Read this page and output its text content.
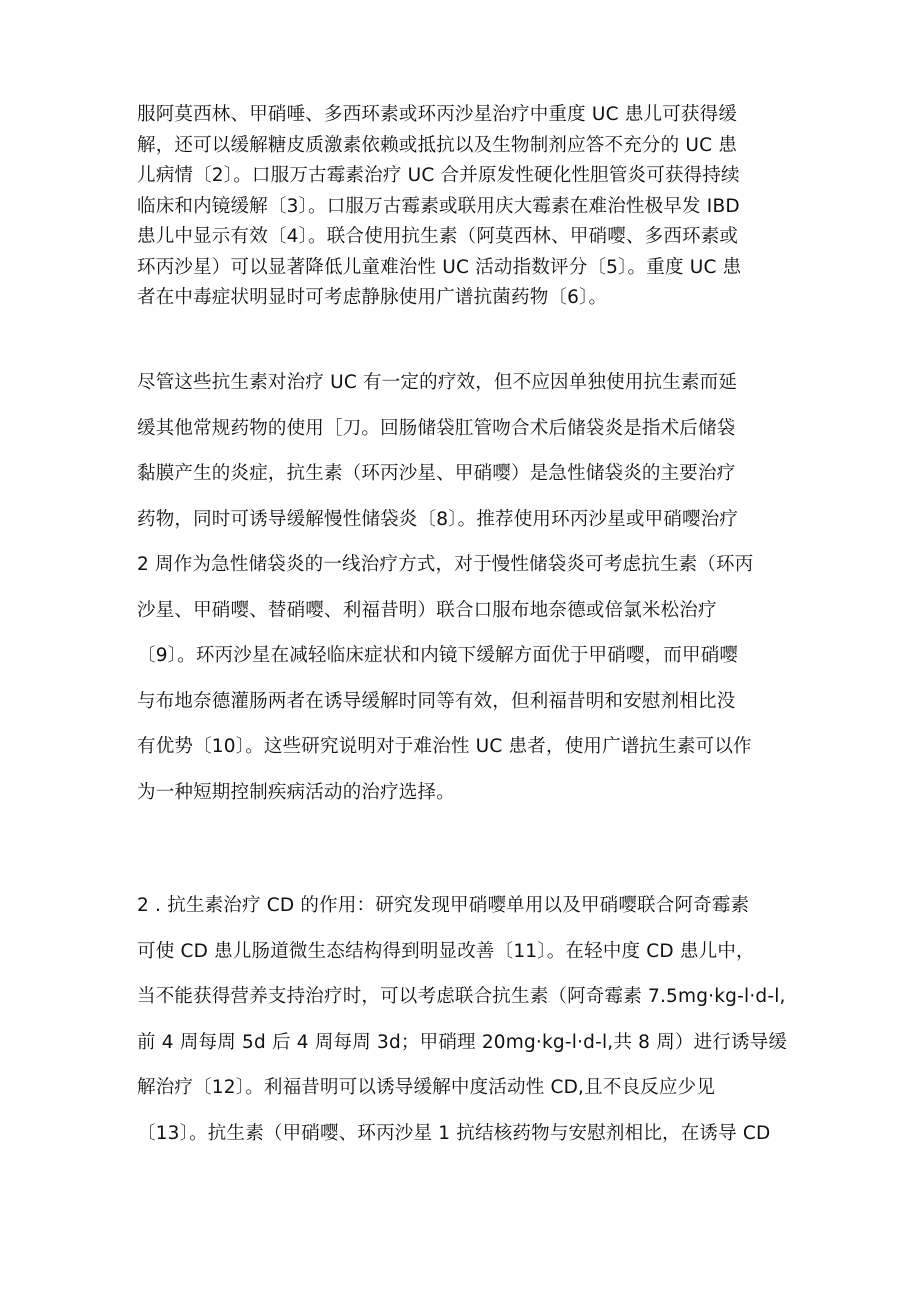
服阿莫西林、甲硝唾、多西环素或环丙沙星治疗中重度 UC 患儿可获得缓
解，还可以缓解糖皮质激素依赖或抵抗以及生物制剂应答不充分的 UC 患
儿病情〔2〕。口服万古霉素治疗 UC 合并原发性硬化性胆管炎可获得持续
临床和内镜缓解〔3〕。口服万古霉素或联用庆大霉素在难治性极早发 IBD
患儿中显示有效〔4〕。联合使用抗生素（阿莫西林、甲硝嘤、多西环素或
环丙沙星）可以显著降低儿童难治性 UC 活动指数评分〔5〕。重度 UC 患
者在中毒症状明显时可考虑静脉使用广谱抗菌药物〔6〕。

尽管这些抗生素对治疗 UC 有一定的疗效，但不应因单独使用抗生素而延
缓其他常规药物的使用［刀。回肠储袋肛管吻合术后储袋炎是指术后储袋
黏膜产生的炎症，抗生素（环丙沙星、甲硝嘤）是急性储袋炎的主要治疗
药物，同时可诱导缓解慢性储袋炎〔8〕。推荐使用环丙沙星或甲硝嘤治疗
2 周作为急性储袋炎的一线治疗方式，对于慢性储袋炎可考虑抗生素（环丙
沙星、甲硝嘤、替硝嘤、利福昔明）联合口服布地奈德或倍氯米松治疗
〔9〕。环丙沙星在减轻临床症状和内镜下缓解方面优于甲硝嘤，而甲硝嘤
与布地奈德灌肠两者在诱导缓解时同等有效，但利福昔明和安慰剂相比没
有优势〔10〕。这些研究说明对于难治性 UC 患者，使用广谱抗生素可以作
为一种短期控制疾病活动的治疗选择。

2 . 抗生素治疗 CD 的作用：研究发现甲硝嘤单用以及甲硝嘤联合阿奇霉素
可使 CD 患儿肠道微生态结构得到明显改善〔11〕。在轻中度 CD 患儿中，
当不能获得营养支持治疗时，可以考虑联合抗生素（阿奇霉素 7.5mg·kg-l·d-l,
前 4 周每周 5d 后 4 周每周 3d；甲硝理 20mg·kg-l·d-l,共 8 周）进行诱导缓
解治疗〔12〕。利福昔明可以诱导缓解中度活动性 CD,且不良反应少见
〔13〕。抗生素（甲硝嘤、环丙沙星 1 抗结核药物与安慰剂相比，在诱导 CD
